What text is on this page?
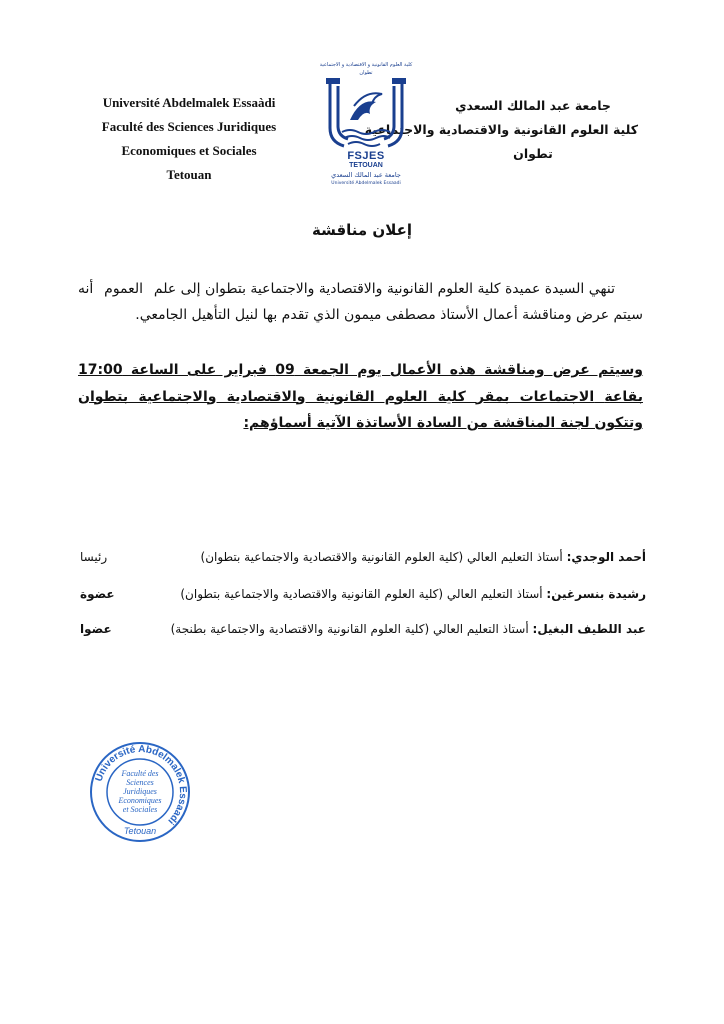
Université Abdelmalek Essaàdi
Faculté des Sciences Juridiques
Economiques et Sociales
Tetouan
جامعة عبد المالك السعدي
كلية العلوم القانونية والاقتصادية والاجتماعية
تطوان
كلية العلوم القانونية و الاقتصادية و الاجتماعية
تطوان
FSJES
TETOUAN
جامعة عبد المالك السعدي
Université Abdelmalek Essaadi
إعلان مناقشة
تنهي السيدة عميدة كلية العلوم القانونية والاقتصادية والاجتماعية بتطوان إلى علم العموم أنه سيتم عرض ومناقشة أعمال الأستاذ مصطفى ميمون الذي تقدم بها لنيل التأهيل الجامعي.
وسيتم عرض ومناقشة هذه الأعمال يوم الجمعة 09 فبراير على الساعة 17:00 بقاعة الاجتماعات بمقر كلية العلوم القانونية والاقتصادية والاجتماعية بتطوان وتتكون لجنة المناقشة من السادة الأساتذة الآتية أسماؤهم:
أحمد الوجدي: أستاذ التعليم العالي (كلية العلوم القانونية والاقتصادية والاجتماعية بتطوان)
رئيسا
رشيدة بنسرغين: أستاذ التعليم العالي (كلية العلوم القانونية والاقتصادية والاجتماعية بتطوان)
عضوة
عبد اللطيف البغيل: أستاذ التعليم العالي (كلية العلوم القانونية والاقتصادية والاجتماعية بطنجة)
عضوا
Université Abdelmalek Essaadi
Faculté des
Sciences
Juridiques
Economiques
et Sociales
Tetouan
